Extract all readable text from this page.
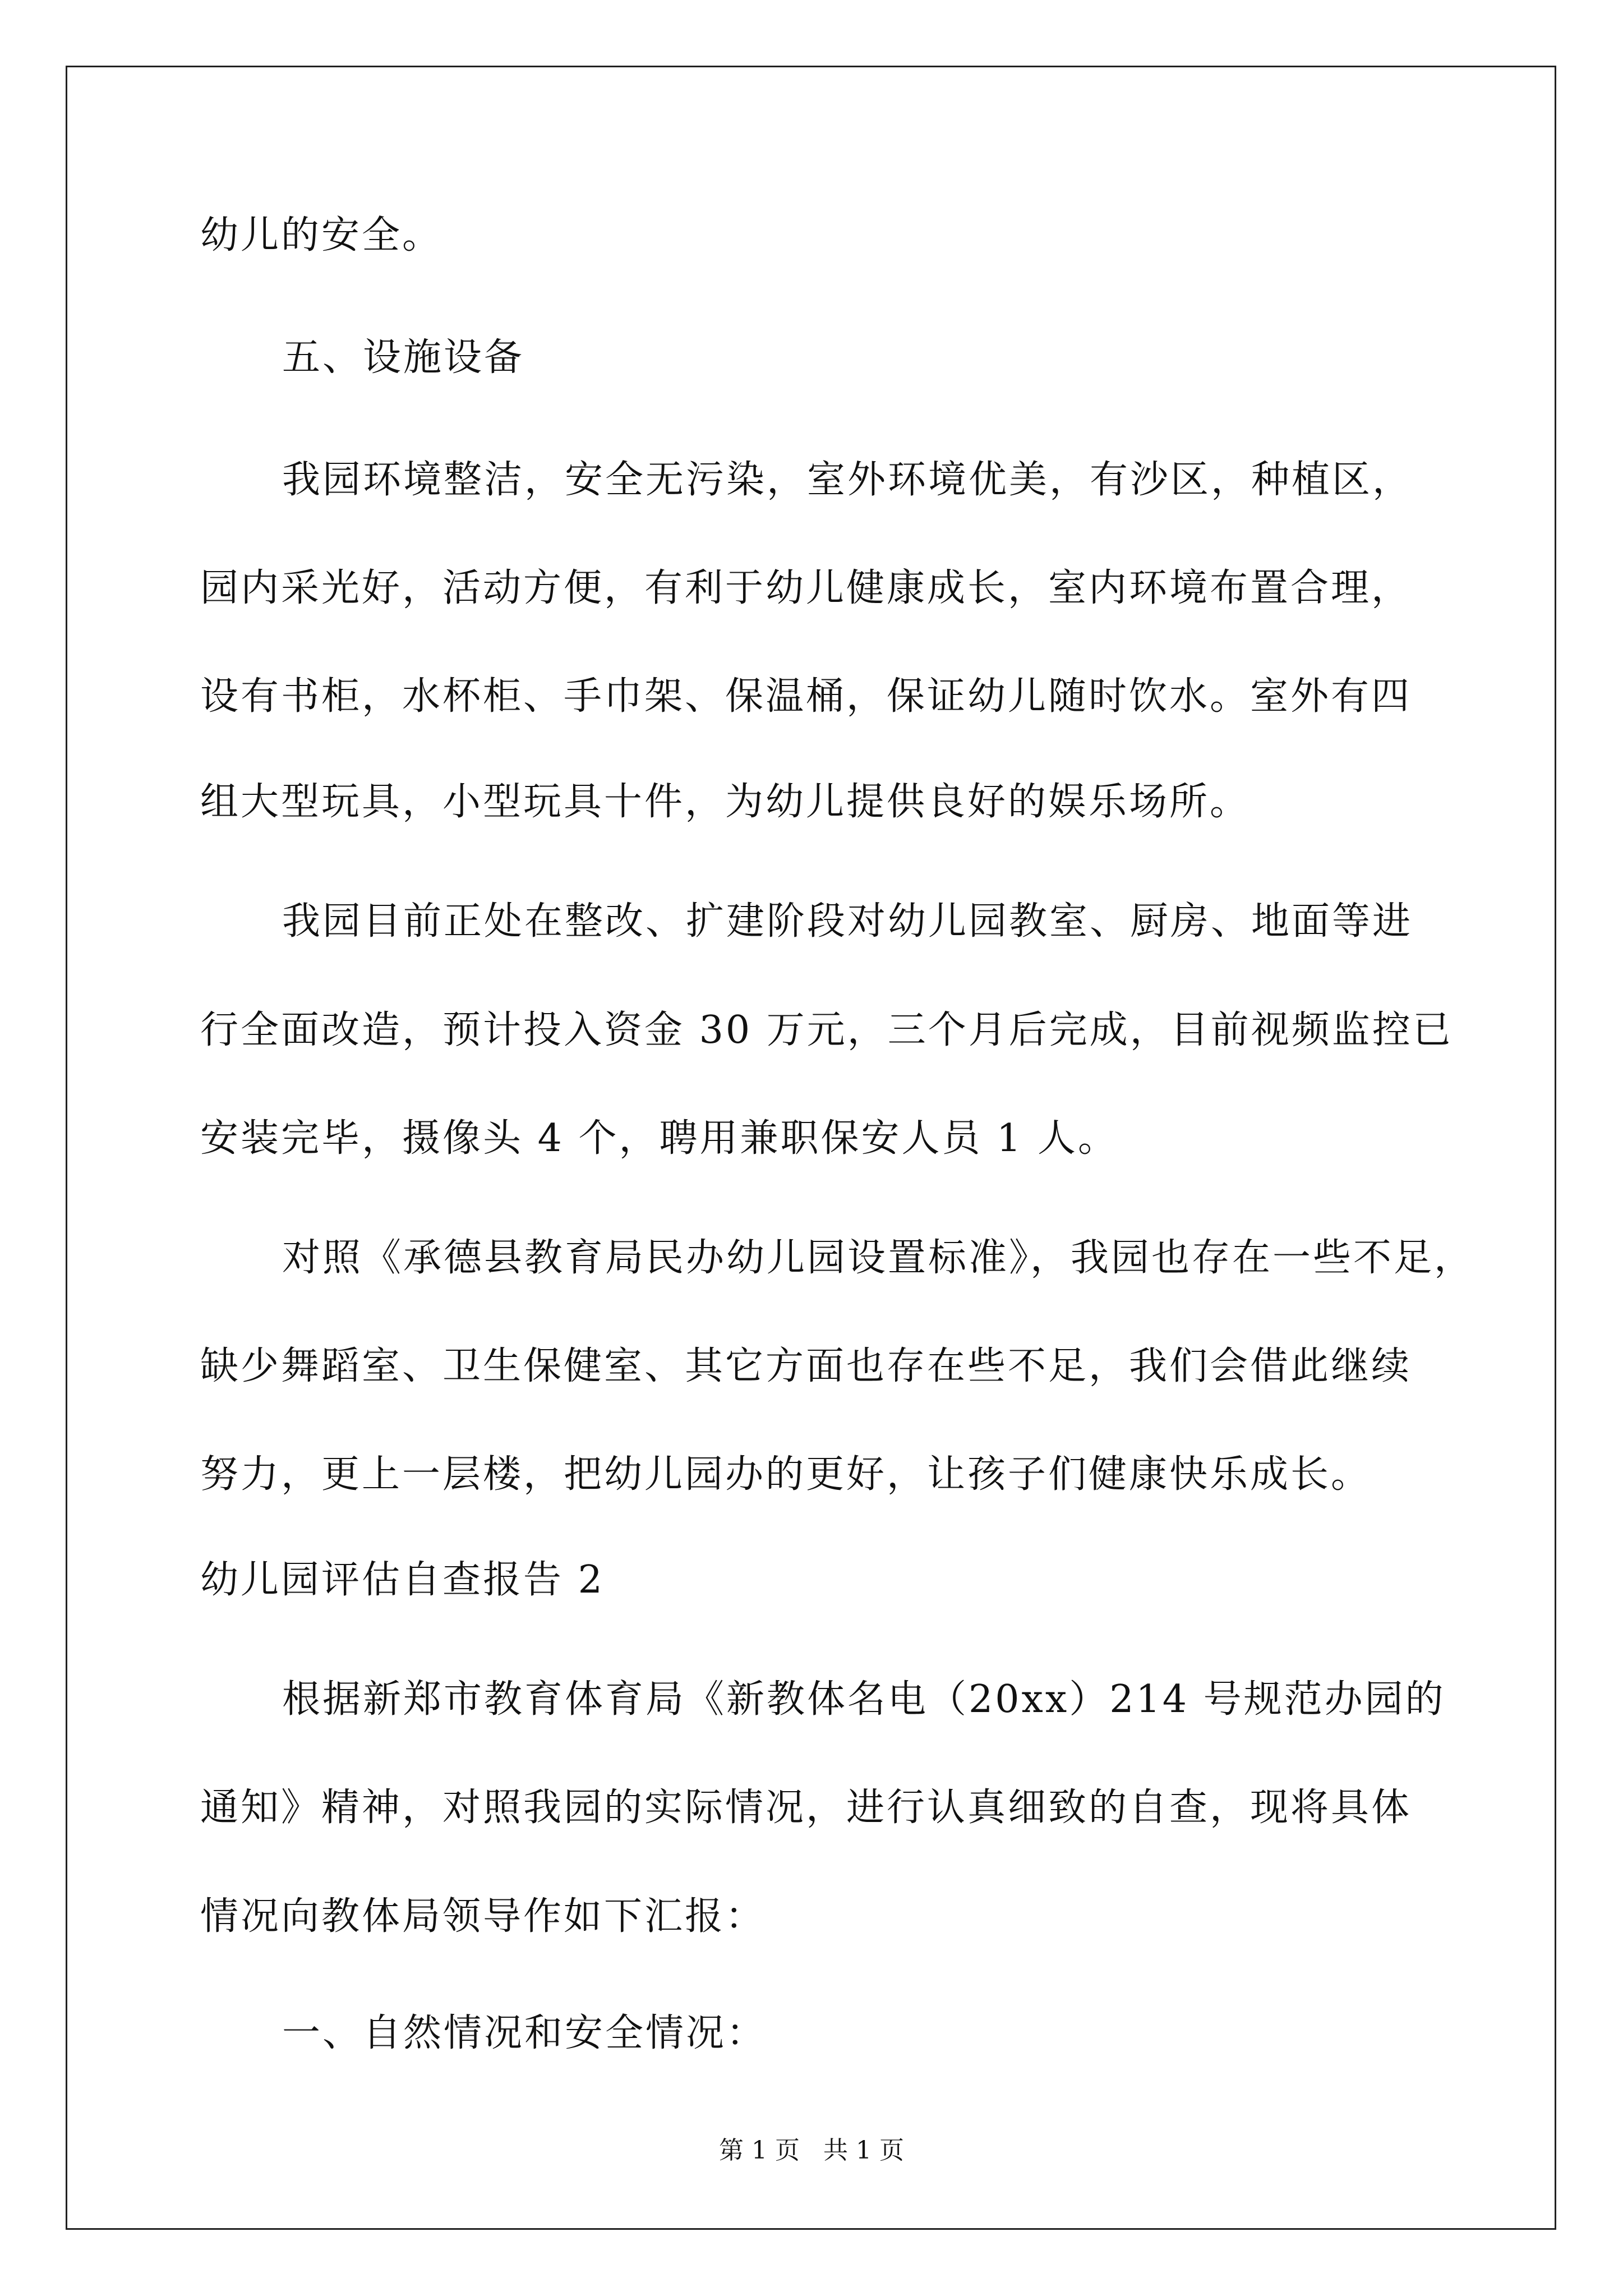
幼儿的安全。
五、设施设备
我园环境整洁，安全无污染，室外环境优美，有沙区，种植区，
园内采光好，活动方便，有利于幼儿健康成长，室内环境布置合理，
设有书柜，水杯柜、手巾架、保温桶，保证幼儿随时饮水。室外有四
组大型玩具，小型玩具十件，为幼儿提供良好的娱乐场所。
我园目前正处在整改、扩建阶段对幼儿园教室、厨房、地面等进
行全面改造，预计投入资金 30 万元，三个月后完成，目前视频监控已
安装完毕，摄像头 4 个，聘用兼职保安人员 1 人。
对照《承德县教育局民办幼儿园设置标准》，我园也存在一些不足，
缺少舞蹈室、卫生保健室、其它方面也存在些不足，我们会借此继续
努力，更上一层楼，把幼儿园办的更好，让孩子们健康快乐成长。
幼儿园评估自查报告 2
根据新郑市教育体育局《新教体名电（20xx）214 号规范办园的
通知》精神，对照我园的实际情况，进行认真细致的自查，现将具体
情况向教体局领导作如下汇报：
一、自然情况和安全情况：
第 1 页   共 1 页
